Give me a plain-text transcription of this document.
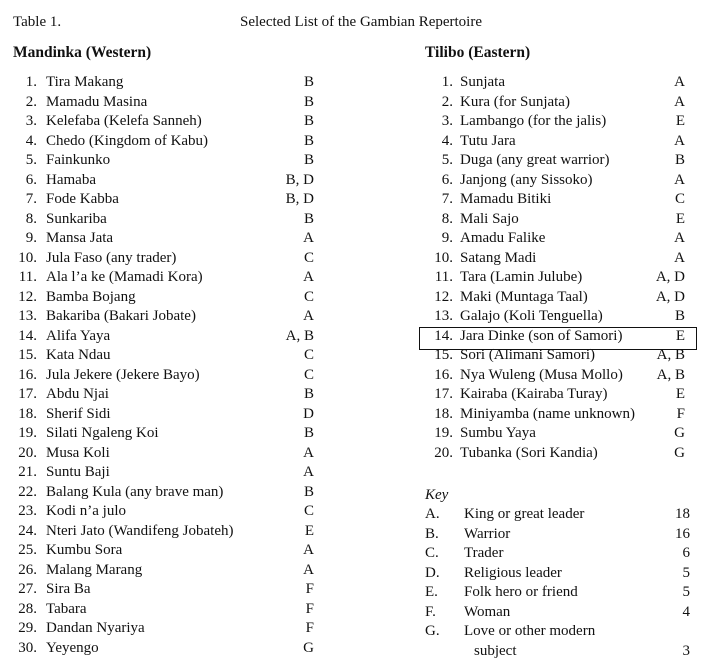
Table 1.	Selected List of the Gambian Repertoire
Mandinka (Western)	Tilibo (Eastern)
1. Tira Makang	B
2. Mamadu Masina	B
3. Kelefaba (Kelefa Sanneh)	B
4. Chedo (Kingdom of Kabu)	B
5. Fainkunko	B
6. Hamaba	B, D
7. Fode Kabba	B, D
8. Sunkariba	B
9. Mansa Jata	A
10. Jula Faso (any trader)	C
11. Ala l’a ke (Mamadi Kora)	A
12. Bamba Bojang	C
13. Bakariba (Bakari Jobate)	A
14. Alifa Yaya	A, B
15. Kata Ndau	C
16. Jula Jekere (Jekere Bayo)	C
17. Abdu Njai	B
18. Sherif Sidi	D
19. Silati Ngaleng Koi	B
20. Musa Koli	A
21. Suntu Baji	A
22. Balang Kula (any brave man)	B
23. Kodi n’a julo	C
24. Nteri Jato (Wandifeng Jobateh)	E
25. Kumbu Sora	A
26. Malang Marang	A
27. Sira Ba	F
28. Tabara	F
29. Dandan Nyariya	F
30. Yeyengo	G
1. Sunjata	A
2. Kura (for Sunjata)	A
3. Lambango (for the jalis)	E
4. Tutu Jara	A
5. Duga (any great warrior)	B
6. Janjong (any Sissoko)	A
7. Mamadu Bitiki	C
8. Mali Sajo	E
9. Amadu Falike	A
10. Satang Madi	A
11. Tara (Lamin Julube)	A, D
12. Maki (Muntaga Taal)	A, D
13. Galajo (Koli Tenguella)	B
14. Jara Dinke (son of Samori)	E
15. Sori (Alimani Samori)	A, B
16. Nya Wuleng (Musa Mollo) A, B
17. Kairaba (Kairaba Turay)	E
18. Miniyamba (name unknown)	F
19. Sumbu Yaya	G
20. Tubanka (Sori Kandia)	G
Key
A. King or great leader	18
B. Warrior	16
C. Trader	6
D. Religious leader	5
E. Folk hero or friend	5
F. Woman	4
G. Love or other modern
subject	3
